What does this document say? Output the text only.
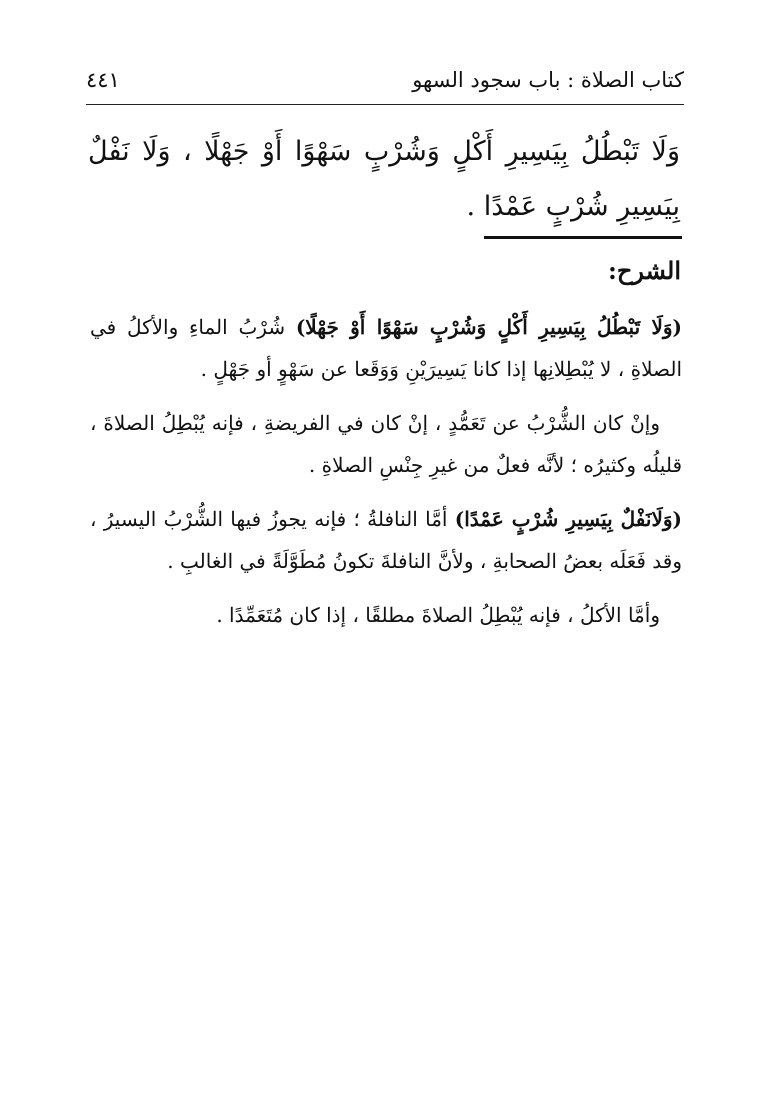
كتاب الصلاة : باب سجود السهو
٤٤١
وَلَا تَبْطُلُ بِيَسِيرِ أَكْلٍ وَشُرْبٍ سَهْوًا أَوْ جَهْلًا ، وَلَا نَفْلٌ بِيَسِيرِ شُرْبٍ عَمْدًا .
الشرح:

(وَلَا تَبْطُلُ بِيَسِيرِ أَكْلٍ وَشُرْبٍ سَهْوًا أَوْ جَهْلًا) شُرْبُ الماءِ والأكلُ في الصلاةِ ، لا يُبْطِلانِها إذا كانا يَسِيرَيْنِ وَوَقَعا عن سَهْوٍ أو جَهْلٍ .

وإنْ كان الشُّرْبُ عن تَعَمُّدٍ ، إنْ كان في الفريضةِ ، فإنه يُبْطِلُ الصلاةَ ، قليلُه وكثيرُه ؛ لأنَّه فعلٌ من غيرِ جِنْسِ الصلاةِ .

(وَلَانَفْلٌ بِيَسِيرِ شُرْبٍ عَمْدًا) أمَّا النافلةُ ؛ فإنه يجوزُ فيها الشُّرْبُ اليسيرُ ، وقد فَعَلَه بعضُ الصحابةِ ، ولأنَّ النافلةَ تكونُ مُطَوَّلَةً في الغالبِ .

وأمَّا الأكلُ ، فإنه يُبْطِلُ الصلاةَ مطلقًا ، إذا كان مُتَعَمِّدًا .
